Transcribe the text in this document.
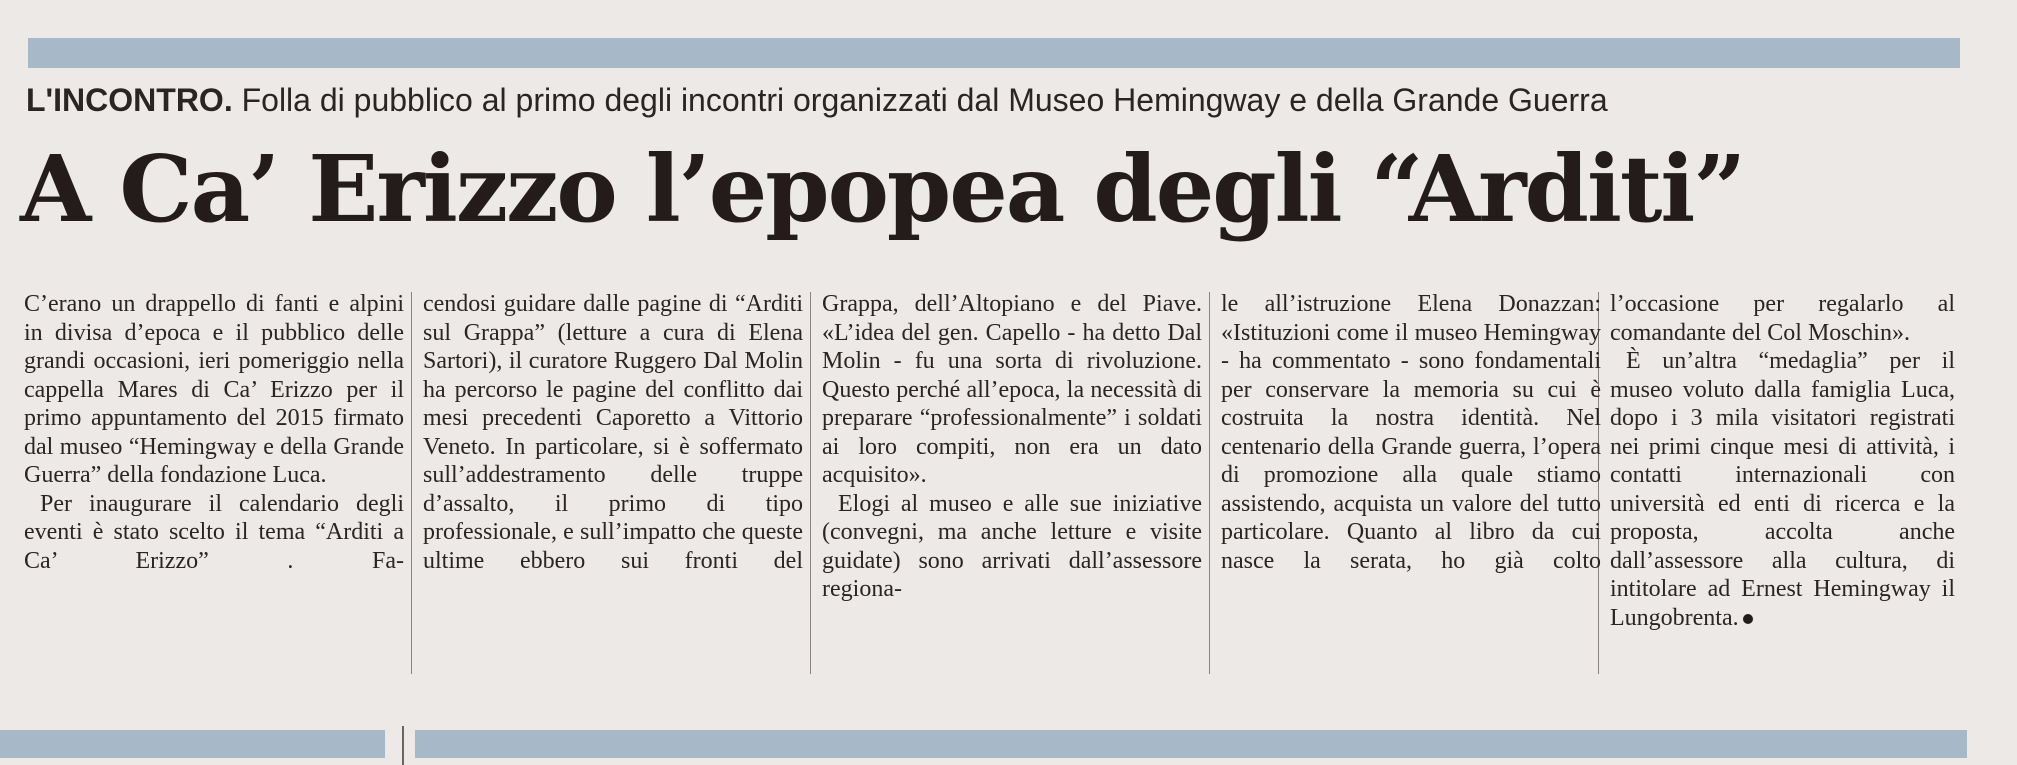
L'INCONTRO. Folla di pubblico al primo degli incontri organizzati dal Museo Hemingway e della Grande Guerra
A Ca’ Erizzo l’epopea degli “Arditi”

C’erano un drappello di fanti e alpini in divisa d’epoca e il pubblico delle grandi occasioni, ieri pomeriggio nella cappella Mares di Ca’ Erizzo per il primo appuntamento del 2015 firmato dal museo “Hemingway e della Grande Guerra” della fondazione Luca.

Per inaugurare il calendario degli eventi è stato scelto il tema “Arditi a Ca’ Erizzo” . Fa-

cendosi guidare dalle pagine di “Arditi sul Grappa” (letture a cura di Elena Sartori), il curatore Ruggero Dal Molin ha percorso le pagine del conflitto dai mesi precedenti Caporetto a Vittorio Veneto. In particolare, si è soffermato sull’addestramento delle truppe d’assalto, il primo di tipo professionale, e sull’impatto che queste ultime ebbero sui fronti del

Grappa, dell’Altopiano e del Piave. «L’idea del gen. Capello - ha detto Dal Molin - fu una sorta di rivoluzione. Questo perché all’epoca, la necessità di preparare “professionalmente” i soldati ai loro compiti, non era un dato acquisito».

Elogi al museo e alle sue iniziative (convegni, ma anche letture e visite guidate) sono arrivati dall’assessore regiona-

le all’istruzione Elena Donazzan: «Istituzioni come il museo Hemingway - ha commentato - sono fondamentali per conservare la memoria su cui è costruita la nostra identità. Nel centenario della Grande guerra, l’opera di promozione alla quale stiamo assistendo, acquista un valore del tutto particolare. Quanto al libro da cui nasce la serata, ho già colto

l’occasione per regalarlo al comandante del Col Moschin».

È un’altra “medaglia” per il museo voluto dalla famiglia Luca, dopo i 3 mila visitatori registrati nei primi cinque mesi di attività, i contatti internazionali con università ed enti di ricerca e la proposta, accolta anche dall’assessore alla cultura, di intitolare ad Ernest Hemingway il Lungobrenta.
